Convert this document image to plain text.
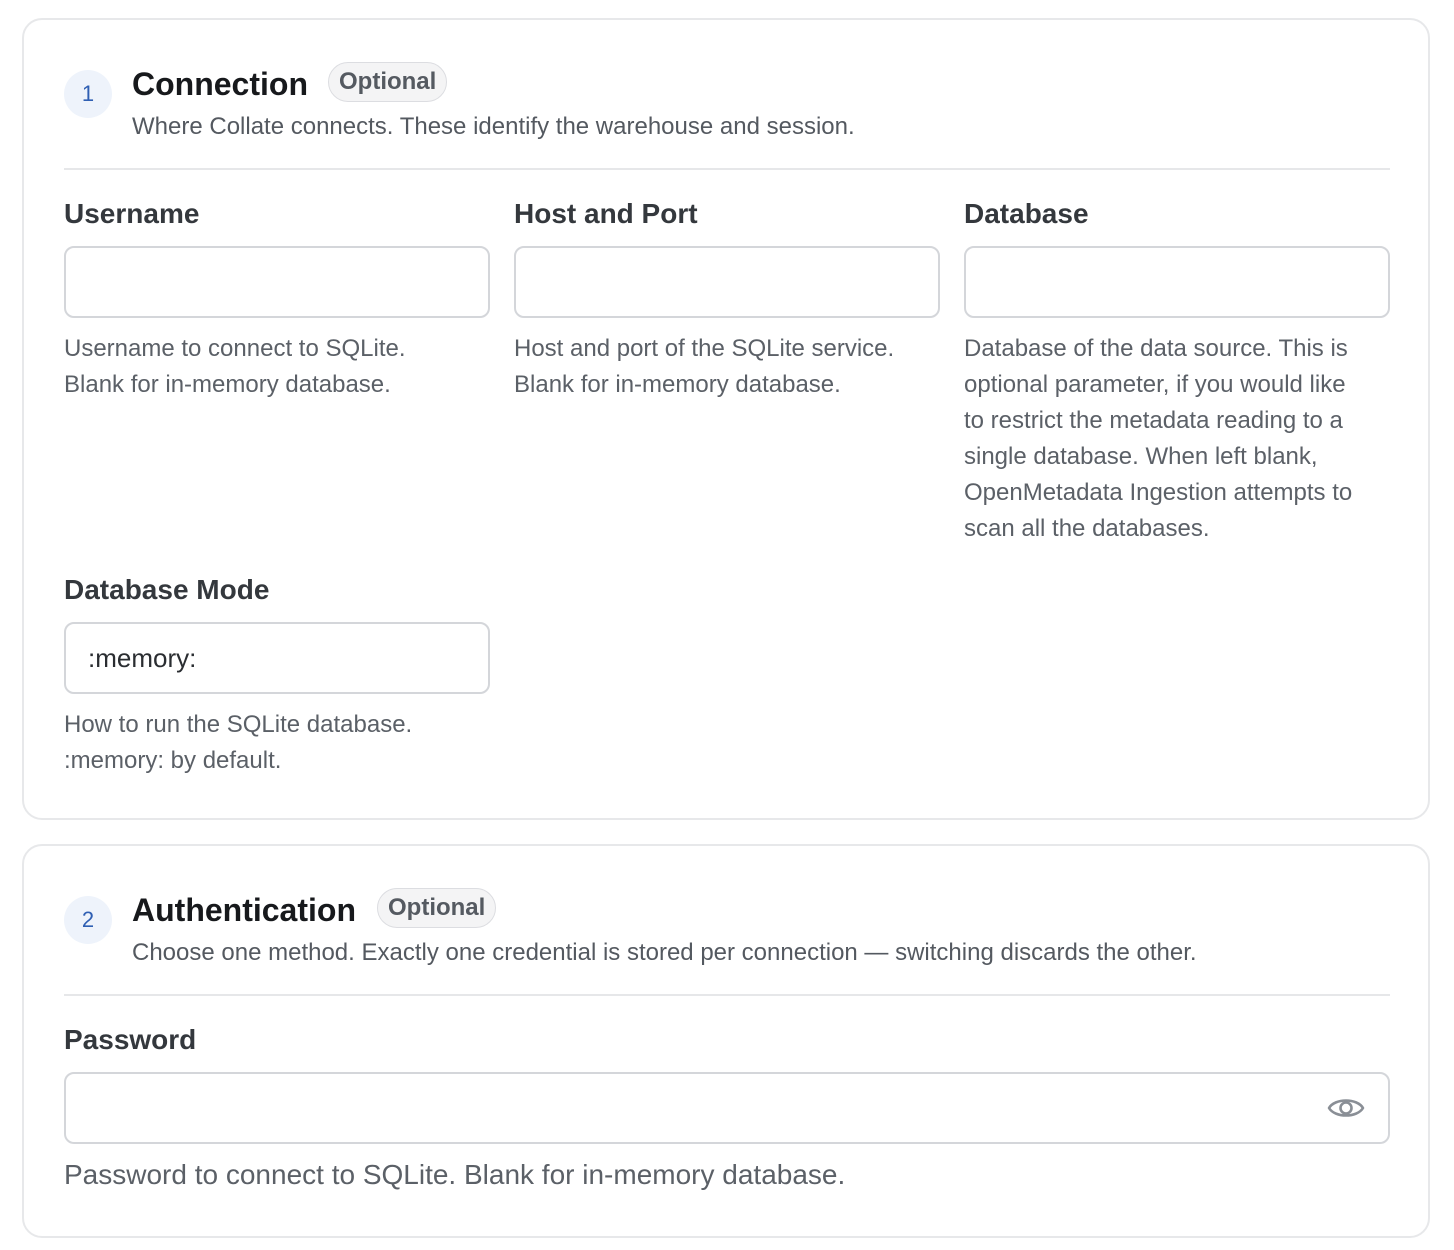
1	Connection	Optional
Where Collate connects. These identify the warehouse and session.
Username
Username to connect to SQLite.
Blank for in-memory database.
Host and Port
Host and port of the SQLite service.
Blank for in-memory database.
Database
Database of the data source. This is
optional parameter, if you would like
to restrict the metadata reading to a
single database. When left blank,
OpenMetadata Ingestion attempts to
scan all the databases.
Database Mode
:memory:
How to run the SQLite database.
:memory: by default.
2	Authentication	Optional
Choose one method. Exactly one credential is stored per connection — switching discards the other.
Password
Password to connect to SQLite. Blank for in-memory database.
